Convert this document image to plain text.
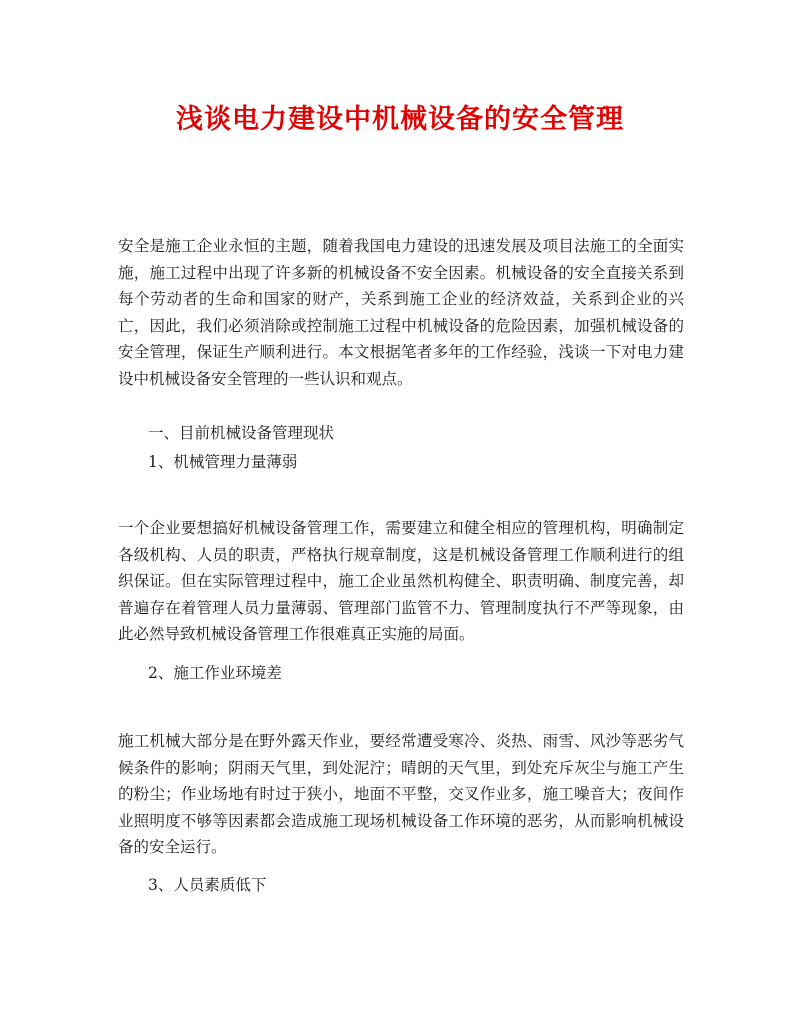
浅谈电力建设中机械设备的安全管理

安全是施工企业永恒的主题，随着我国电力建设的迅速发展及项目法施工的全面实施，施工过程中出现了许多新的机械设备不安全因素。机械设备的安全直接关系到每个劳动者的生命和国家的财产，关系到施工企业的经济效益，关系到企业的兴亡，因此，我们必须消除或控制施工过程中机械设备的危险因素，加强机械设备的安全管理，保证生产顺利进行。本文根据笔者多年的工作经验，浅谈一下对电力建设中机械设备安全管理的一些认识和观点。

一、目前机械设备管理现状

1、机械管理力量薄弱

一个企业要想搞好机械设备管理工作，需要建立和健全相应的管理机构，明确制定各级机构、人员的职责，严格执行规章制度，这是机械设备管理工作顺利进行的组织保证。但在实际管理过程中，施工企业虽然机构健全、职责明确、制度完善，却普遍存在着管理人员力量薄弱、管理部门监管不力、管理制度执行不严等现象，由此必然导致机械设备管理工作很难真正实施的局面。

2、施工作业环境差

施工机械大部分是在野外露天作业，要经常遭受寒冷、炎热、雨雪、风沙等恶劣气候条件的影响；阴雨天气里，到处泥泞；晴朗的天气里，到处充斥灰尘与施工产生的粉尘；作业场地有时过于狭小，地面不平整，交叉作业多，施工噪音大；夜间作业照明度不够等因素都会造成施工现场机械设备工作环境的恶劣，从而影响机械设备的安全运行。

3、人员素质低下
